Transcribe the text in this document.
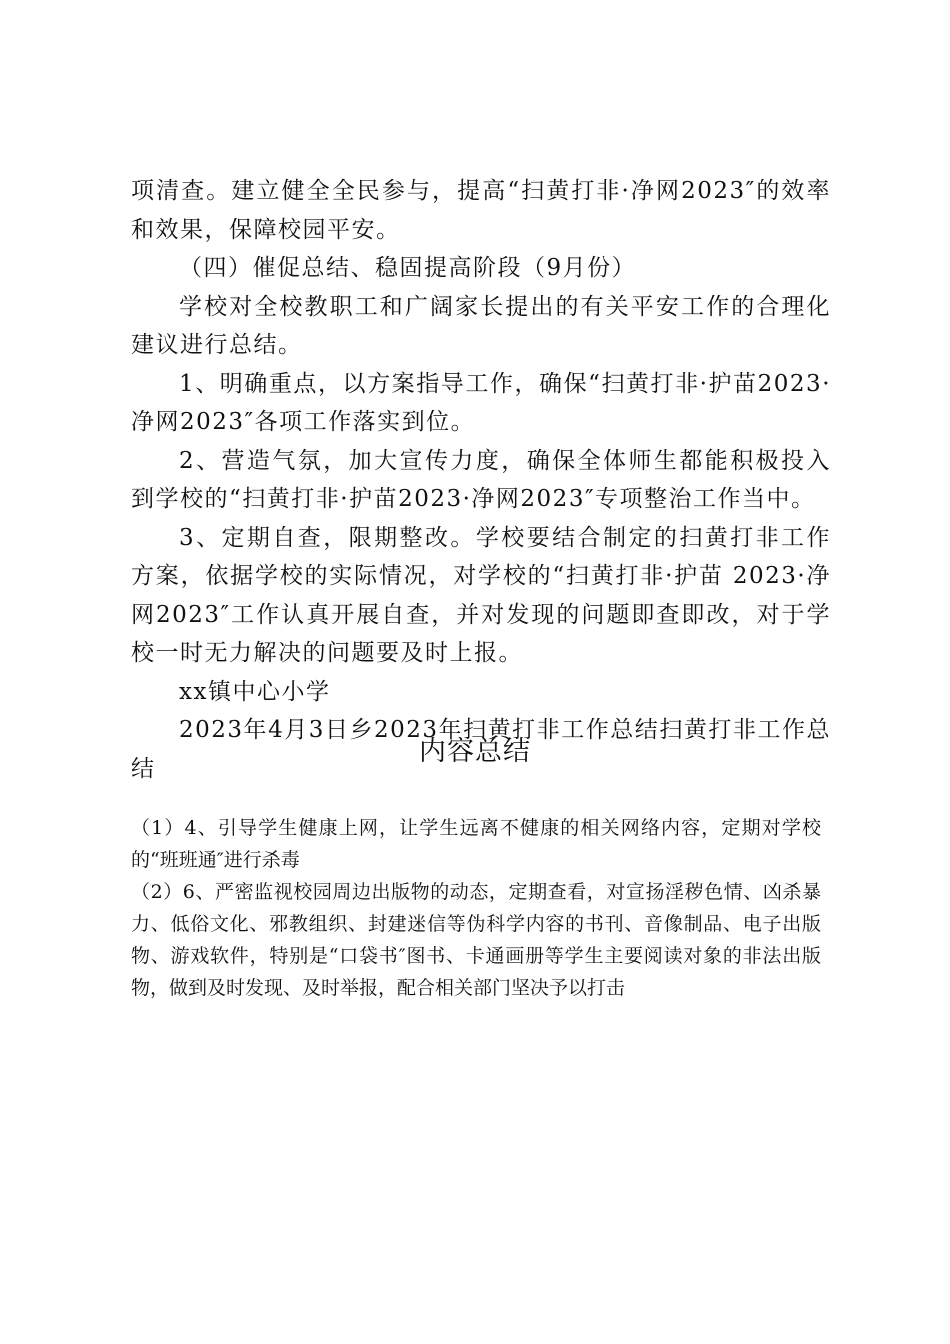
项清查。建立健全全民参与，提高“扫黄打非·净网2023″的效率和效果，保障校园平安。

（四）催促总结、稳固提高阶段（9月份）

学校对全校教职工和广阔家长提出的有关平安工作的合理化建议进行总结。

1、明确重点，以方案指导工作，确保“扫黄打非·护苗2023·净网2023″各项工作落实到位。

2、营造气氛，加大宣传力度，确保全体师生都能积极投入到学校的“扫黄打非·护苗2023·净网2023″专项整治工作当中。

3、定期自查，限期整改。学校要结合制定的扫黄打非工作方案，依据学校的实际情况，对学校的“扫黄打非·护苗 2023·净网2023″工作认真开展自查，并对发现的问题即查即改，对于学校一时无力解决的问题要及时上报。

xx镇中心小学

2023年4月3日乡2023年扫黄打非工作总结扫黄打非工作总结

内容总结

（1）4、引导学生健康上网，让学生远离不健康的相关网络内容，定期对学校的“班班通″进行杀毒

（2）6、严密监视校园周边出版物的动态，定期查看，对宣扬淫秽色情、凶杀暴力、低俗文化、邪教组织、封建迷信等伪科学内容的书刊、音像制品、电子出版物、游戏软件，特别是“口袋书″图书、卡通画册等学生主要阅读对象的非法出版物，做到及时发现、及时举报，配合相关部门坚决予以打击
